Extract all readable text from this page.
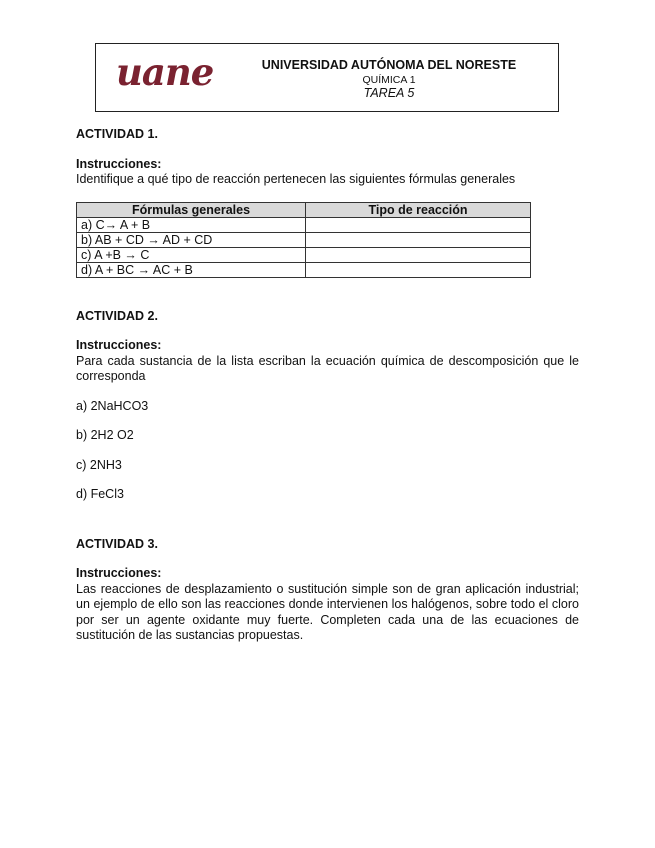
uane	UNIVERSIDAD AUTÓNOMA DEL NORESTE
QUÍMICA 1
TAREA 5

ACTIVIDAD 1.

Instrucciones:

Identifique a qué tipo de reacción pertenecen las siguientes fórmulas generales

Fórmulas generales	Tipo de reacción
a) C→ A + B	
b) AB + CD → AD + CD	
c) A +B → C	
d) A + BC → AC + B	

ACTIVIDAD 2.

Instrucciones:

Para cada sustancia de la lista escriban la ecuación química de descomposición que le corresponda

a) 2NaHCO3

b) 2H2 O2

c) 2NH3

d) FeCl3

ACTIVIDAD 3.

Instrucciones:

Las reacciones de desplazamiento o sustitución simple son de gran aplicación industrial; un ejemplo de ello son las reacciones donde intervienen los halógenos, sobre todo el cloro por ser un agente oxidante muy fuerte. Completen cada una de las ecuaciones de sustitución de las sustancias propuestas.
